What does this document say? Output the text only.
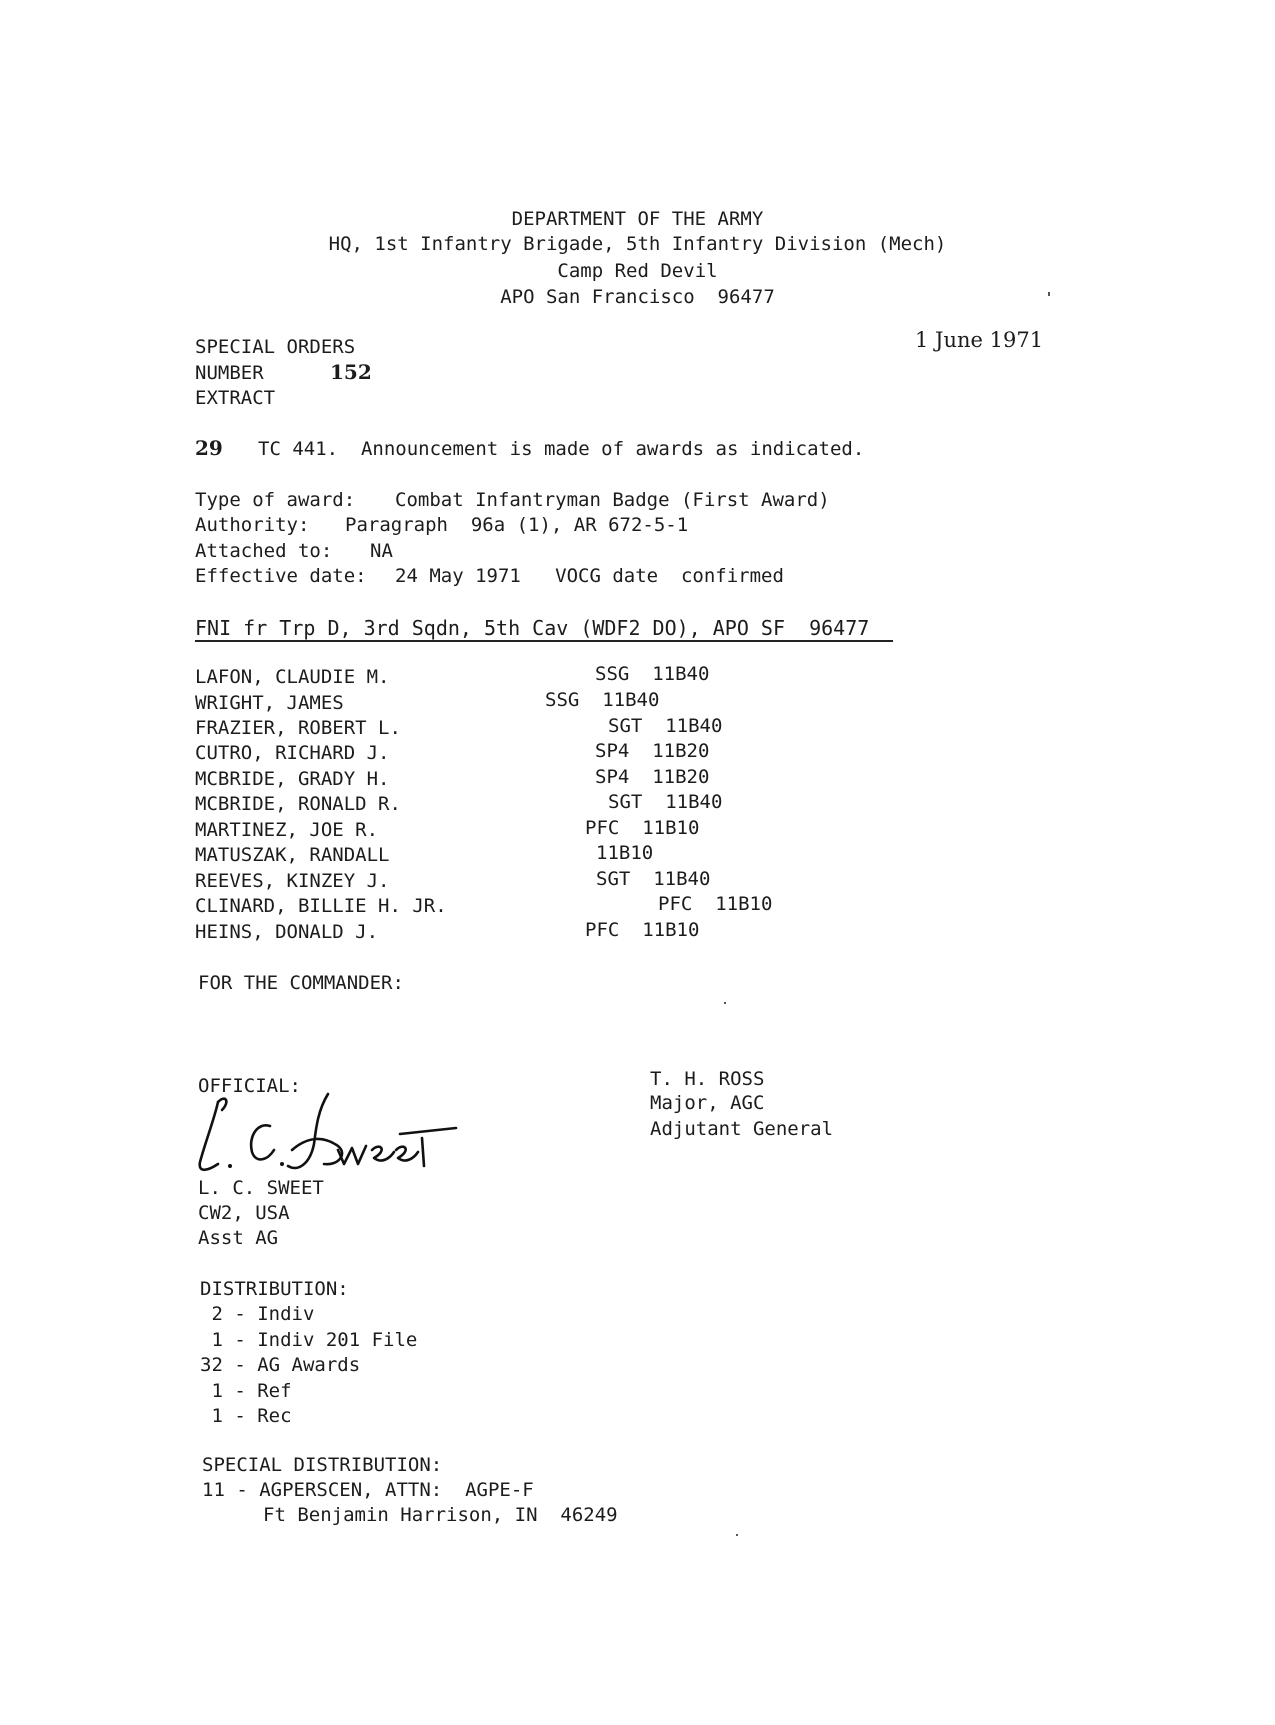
DEPARTMENT OF THE ARMY
HQ, 1st Infantry Brigade, 5th Infantry Division (Mech)
Camp Red Devil
APO San Francisco  96477
SPECIAL ORDERS
NUMBER	152
EXTRACT
1 June 1971
29 TC 441.  Announcement is made of awards as indicated.
Type of award: Combat Infantryman Badge (First Award)
Authority: Paragraph  96a (1), AR 672-5-1
Attached to: NA
Effective date: 24 May 1971   VOCG date  confirmed
FNI fr Trp D, 3rd Sqdn, 5th Cav (WDF2 DO), APO SF  96477
LAFON, CLAUDIE M.	SSG  11B40
WRIGHT, JAMES	SSG  11B40
FRAZIER, ROBERT L.	SGT  11B40
CUTRO, RICHARD J.	SP4  11B20
MCBRIDE, GRADY H.	SP4  11B20
MCBRIDE, RONALD R.	SGT  11B40
MARTINEZ, JOE R.	PFC  11B10
MATUSZAK, RANDALL	11B10
REEVES, KINZEY J.	SGT  11B40
CLINARD, BILLIE H. JR.	PFC  11B10
HEINS, DONALD J.	PFC  11B10
FOR THE COMMANDER:
T. H. ROSS
Major, AGC
Adjutant General
OFFICIAL:
L. C. SWEET
CW2, USA
Asst AG
DISTRIBUTION:
2 - Indiv
1 - Indiv 201 File
32 - AG Awards
1 - Ref
1 - Rec
SPECIAL DISTRIBUTION:
11 - AGPERSCEN, ATTN:  AGPE-F
Ft Benjamin Harrison, IN  46249
